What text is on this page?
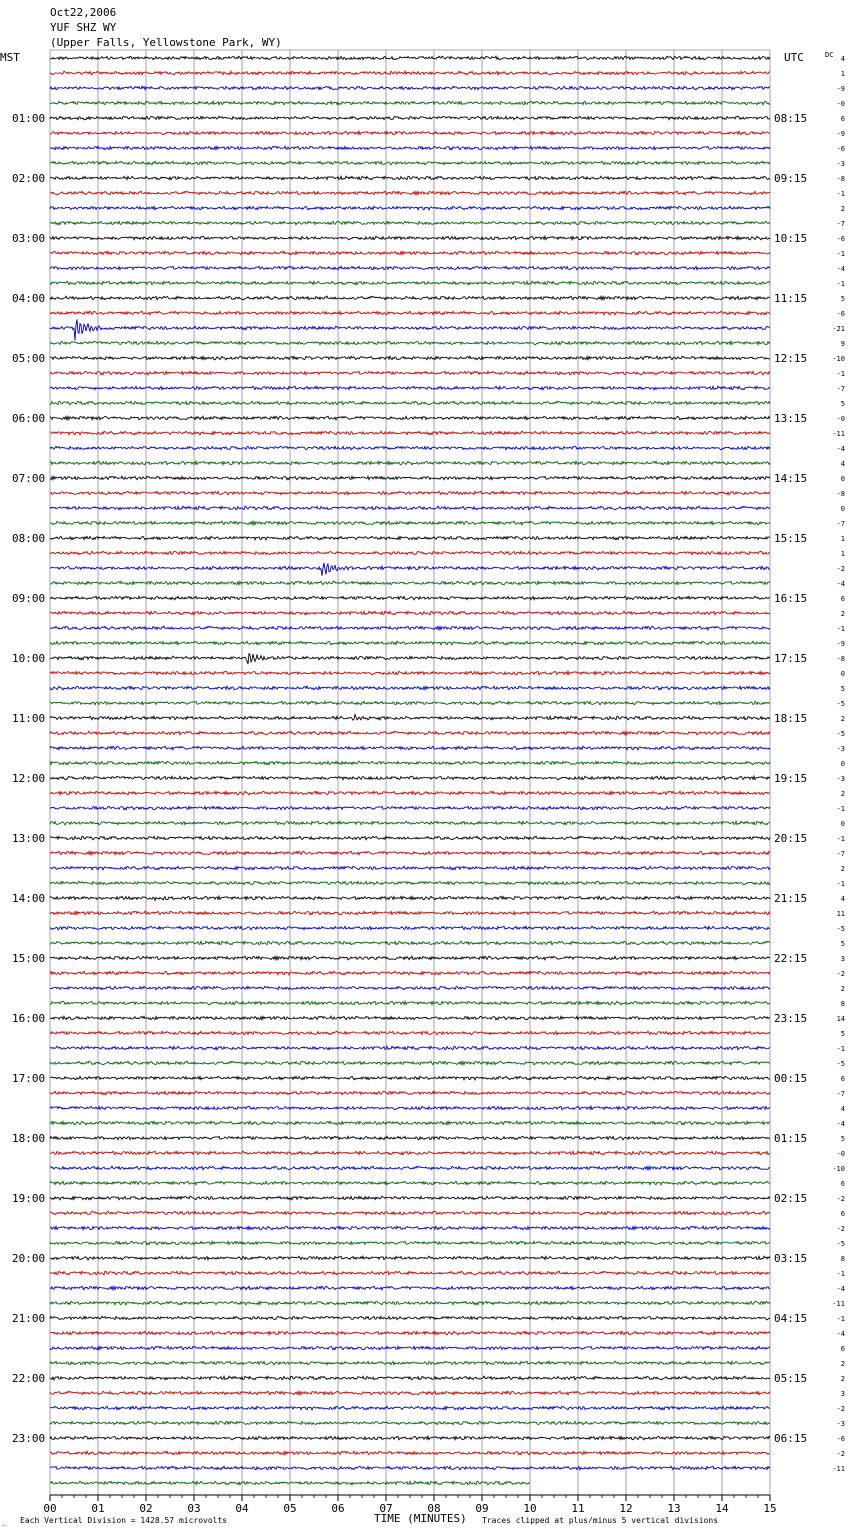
Oct22,2006
YUF SHZ WY
(Upper Falls, Yellowstone Park, WY)
MST	UTC	DC
01:00
02:00
03:00
04:00
05:00
06:00
07:00
08:00
09:00
10:00
11:00
12:00
13:00
14:00
15:00
16:00
17:00
18:00
19:00
20:00
21:00
22:00
23:00
08:15
09:15
10:15
11:15
12:15
13:15
14:15
15:15
16:15
17:15
18:15
19:15
20:15
21:15
22:15
23:15
00:15
01:15
02:15
03:15
04:15
05:15
06:15
4
1
-9
-0
6
-9
-6
-3
-8
-1
2
-7
-6
-1
-4
-1
5
-6
-21
9
-10
-1
-7
5
-0
-11
-4
4
0
-8
0
-7
1
1
-2
-4
6
2
-1
-9
-8
0
5
-5
2
-5
-3
0
-3
2
-1
0
-1
-7
2
-1
4
11
-5
5
3
-2
2
8
14
5
-1
-5
6
-7
4
-4
5
-0
-10
6
-2
6
-2
-5
8
-1
-4
-11
-1
-4
6
2
2
3
-2
-3
-6
-2
-11
00	01	02	03	04	05	06	07	08	09	10	11	12	13	14	15
Each Vertical Division = 1428.57 microvolts	TIME (MINUTES) Traces clipped at plus/minus 5 vertical divisions
.
